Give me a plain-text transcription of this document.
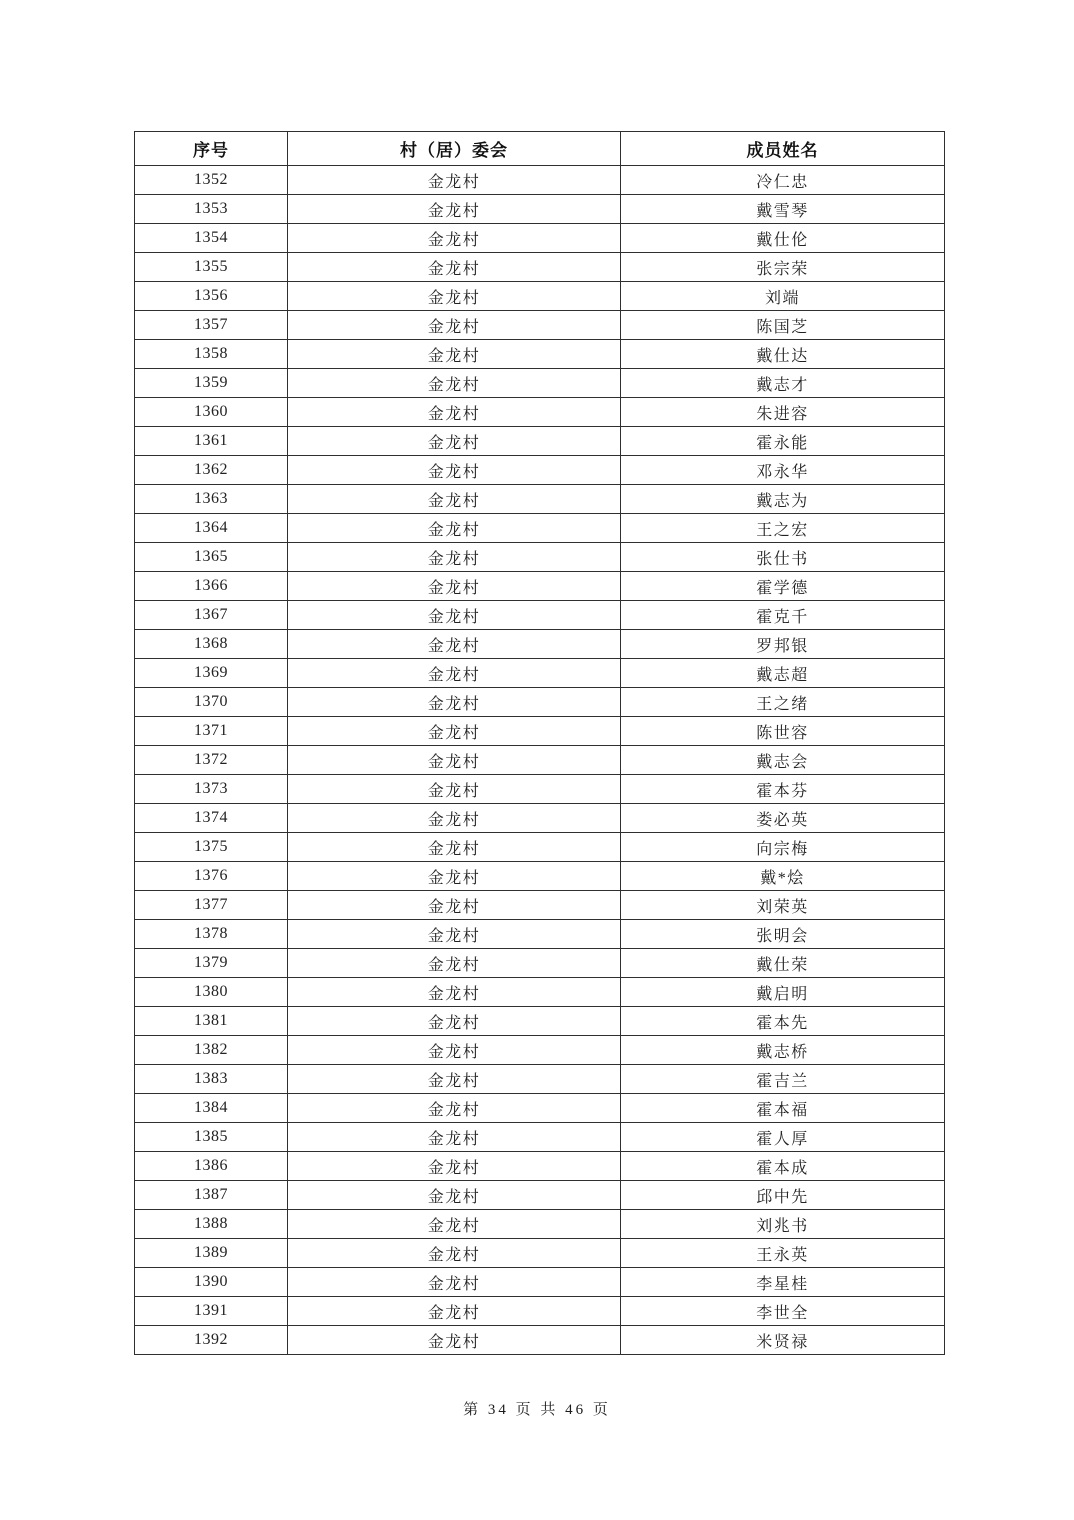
序号	村（居）委会	成员姓名
1352	金龙村	冷仁忠
1353	金龙村	戴雪琴
1354	金龙村	戴仕伦
1355	金龙村	张宗荣
1356	金龙村	刘端
1357	金龙村	陈国芝
1358	金龙村	戴仕达
1359	金龙村	戴志才
1360	金龙村	朱进容
1361	金龙村	霍永能
1362	金龙村	邓永华
1363	金龙村	戴志为
1364	金龙村	王之宏
1365	金龙村	张仕书
1366	金龙村	霍学德
1367	金龙村	霍克千
1368	金龙村	罗邦银
1369	金龙村	戴志超
1370	金龙村	王之绪
1371	金龙村	陈世容
1372	金龙村	戴志会
1373	金龙村	霍本芬
1374	金龙村	娄必英
1375	金龙村	向宗梅
1376	金龙村	戴*烩
1377	金龙村	刘荣英
1378	金龙村	张明会
1379	金龙村	戴仕荣
1380	金龙村	戴启明
1381	金龙村	霍本先
1382	金龙村	戴志桥
1383	金龙村	霍吉兰
1384	金龙村	霍本福
1385	金龙村	霍人厚
1386	金龙村	霍本成
1387	金龙村	邱中先
1388	金龙村	刘兆书
1389	金龙村	王永英
1390	金龙村	李星桂
1391	金龙村	李世全
1392	金龙村	米贤禄
第 34 页 共 46 页
